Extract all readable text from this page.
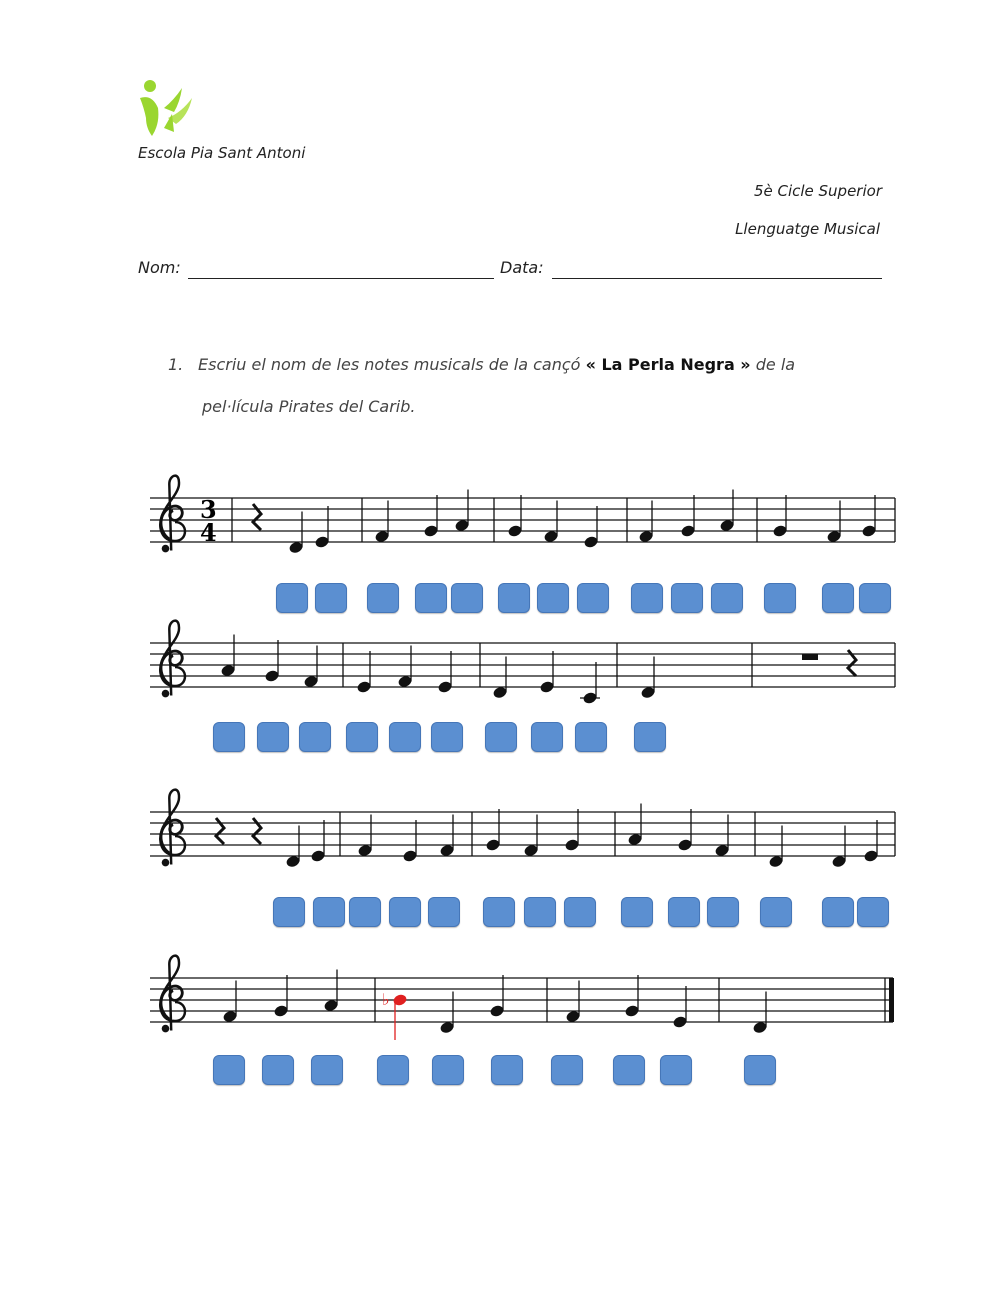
Escola Pia Sant Antoni
5è Cicle Superior
Llenguatge Musical
Nom:	Data:
1. Escriu el nom de les notes musicals de la cançó « La Perla Negra » de la
pel·lícula Pirates del Carib.
3
4
♭
